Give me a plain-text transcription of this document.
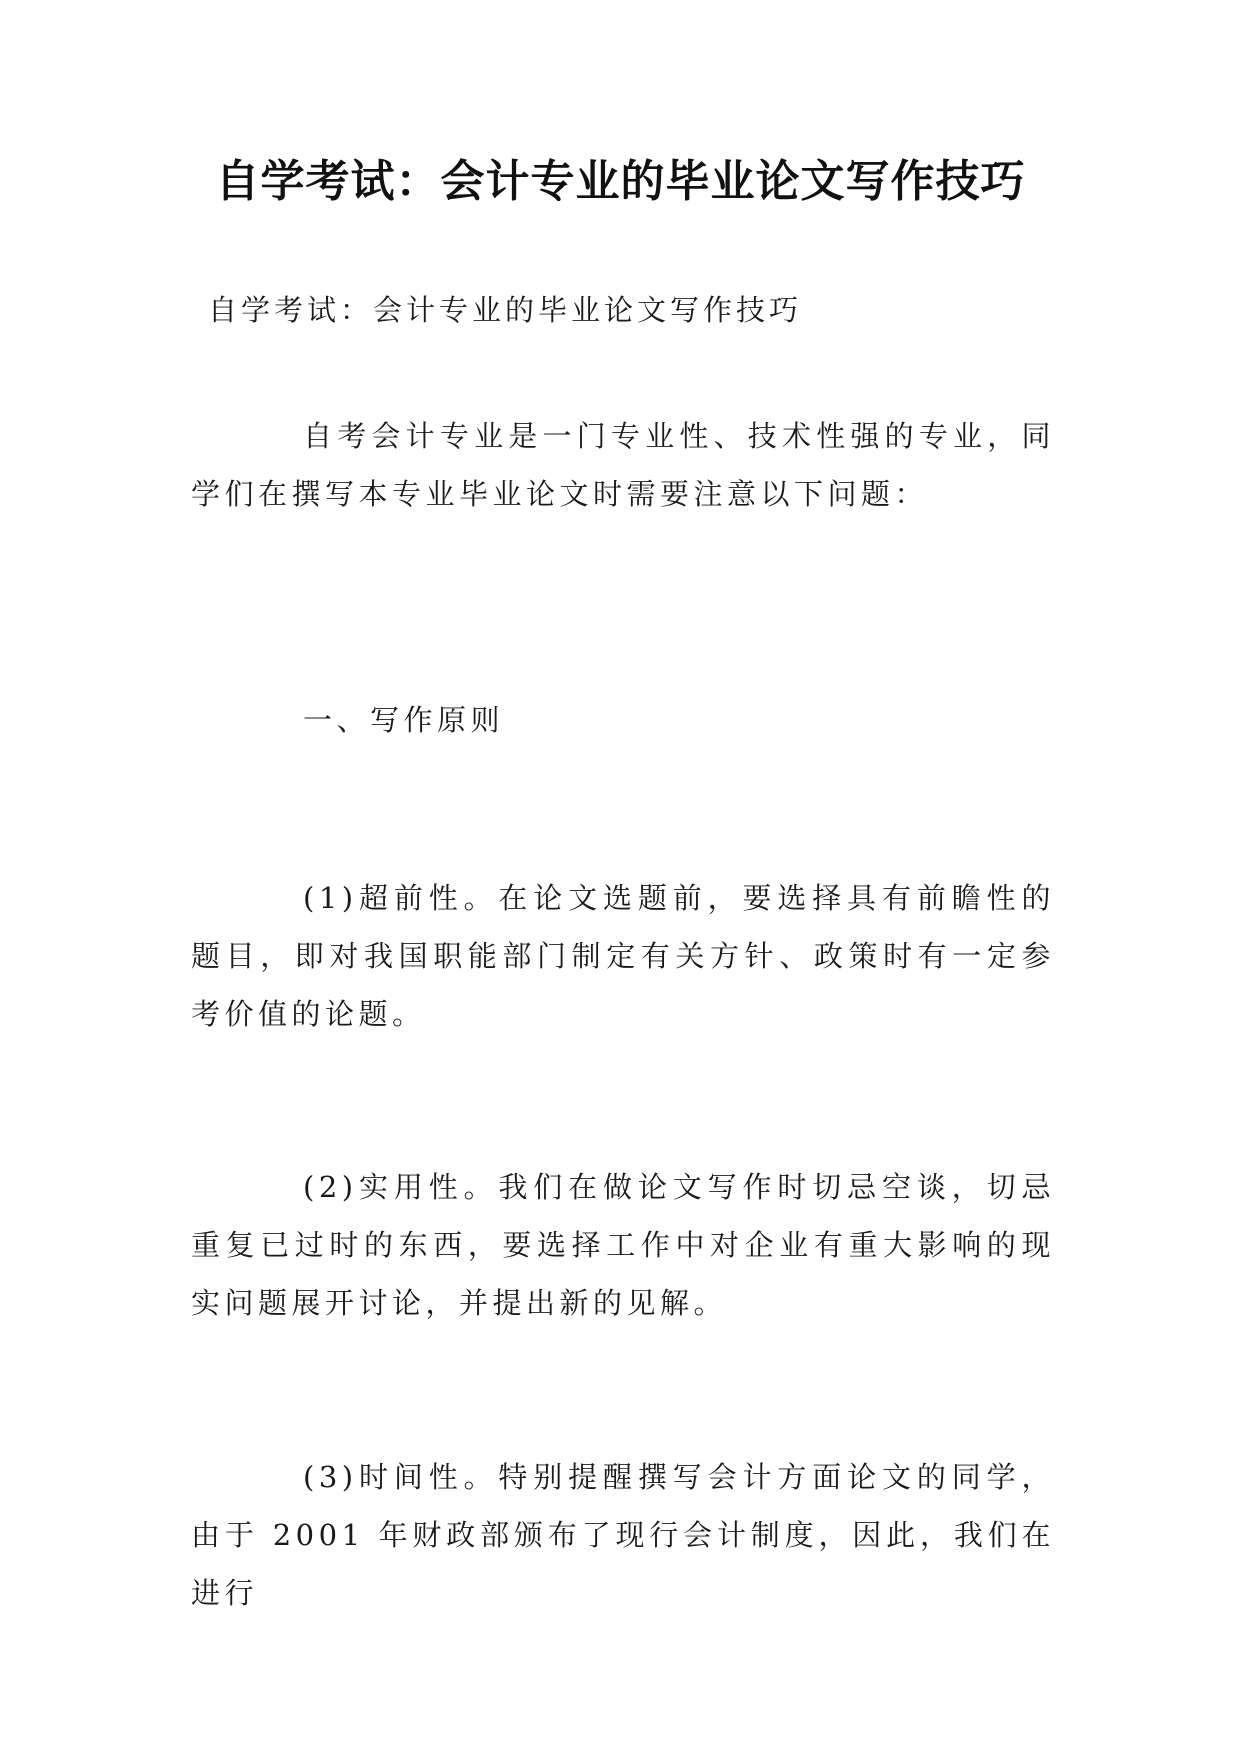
自学考试：会计专业的毕业论文写作技巧

自学考试：会计专业的毕业论文写作技巧

自考会计专业是一门专业性、技术性强的专业，同学们在撰写本专业毕业论文时需要注意以下问题：

一、写作原则

(1)超前性。在论文选题前，要选择具有前瞻性的题目，即对我国职能部门制定有关方针、政策时有一定参考价值的论题。

(2)实用性。我们在做论文写作时切忌空谈，切忌重复已过时的东西，要选择工作中对企业有重大影响的现实问题展开讨论，并提出新的见解。

(3)时间性。特别提醒撰写会计方面论文的同学，由于 2001 年财政部颁布了现行会计制度，因此，我们在进行
